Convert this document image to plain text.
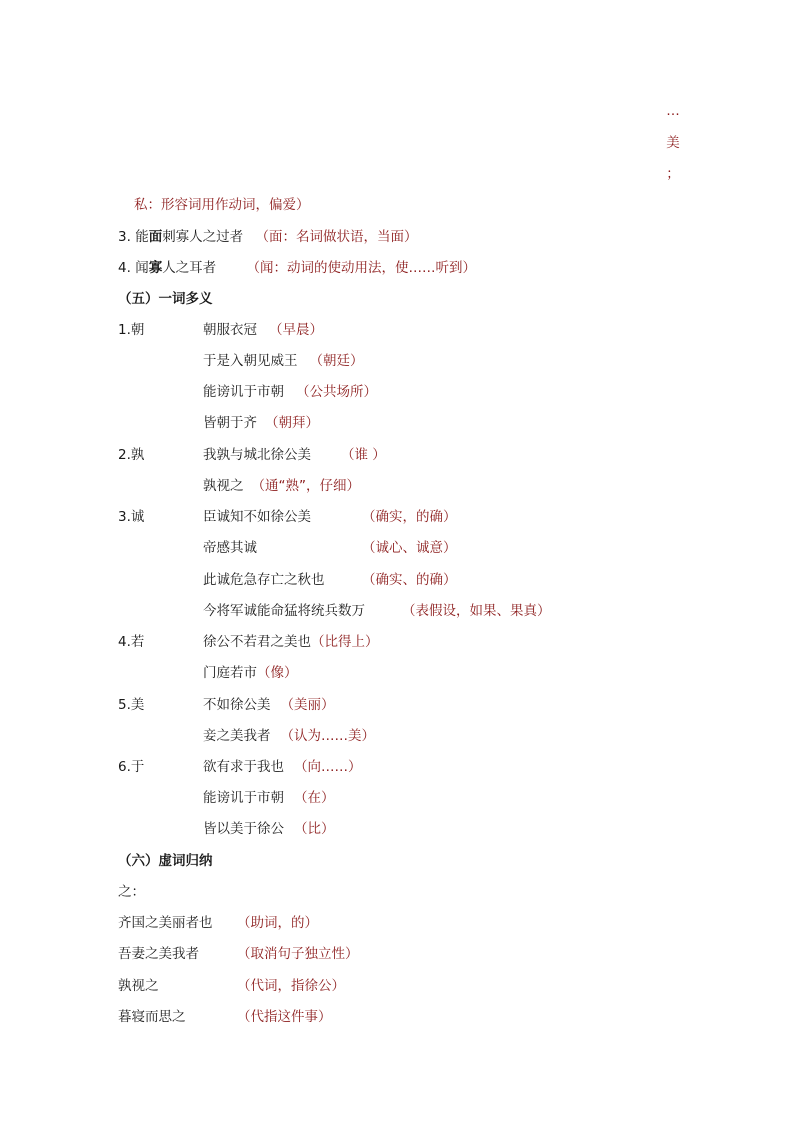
…
美
；
私：形容词用作动词，偏爱）
3. 能面刺寡人之过者 （面：名词做状语，当面）
4. 闻寡人之耳者 （闻：动词的使动用法，使……听到）
（五）一词多义
1.朝	朝服衣冠 （早晨）
于是入朝见威王 （朝廷）
能谤讥于市朝 （公共场所）
皆朝于齐 （朝拜）
2.孰	我孰与城北徐公美 （谁 ）
孰视之 （通“熟”，仔细）
3.诚	臣诚知不如徐公美	（确实，的确）
帝感其诚	（诚心、诚意）
此诚危急存亡之秋也	（确实、的确）
今将军诚能命猛将统兵数万	（表假设，如果、果真）
4.若	徐公不若君之美也（比得上）
门庭若市（像）
5.美	不如徐公美 （美丽）
妾之美我者 （认为……美）
6.于	欲有求于我也 （向……）
能谤讥于市朝 （在）
皆以美于徐公 （比）
（六）虚词归纳
之：
齐国之美丽者也 （助词，的）
吾妻之美我者	（取消句子独立性）
孰视之	（代词，指徐公）
暮寝而思之	（代指这件事）
